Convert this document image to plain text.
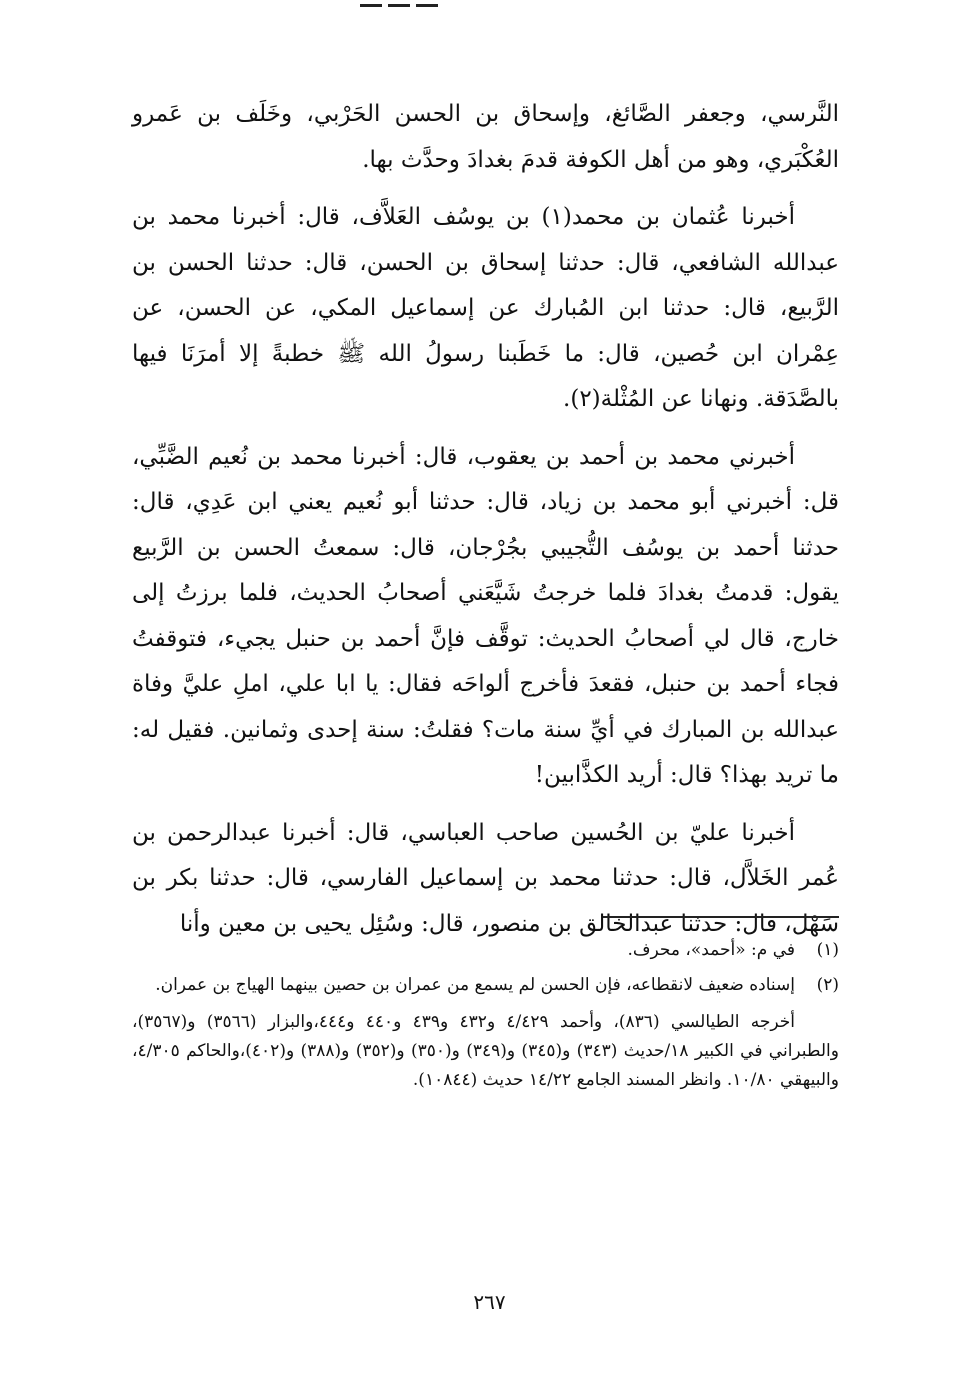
النَّرسي، وجعفر الصَّائغ، وإسحاق بن الحسن الحَرْبي، وخَلَف بن عَمرو العُكْبَري، وهو من أهل الكوفة قدمَ بغدادَ وحدَّث بها.

أخبرنا عُثمان بن محمد(١) بن يوسُف العَلاَّف، قال: أخبرنا محمد بن عبدالله الشافعي، قال: حدثنا إسحاق بن الحسن، قال: حدثنا الحسن بن الرَّبيع، قال: حدثنا ابن المُبارك عن إسماعيل المكي، عن الحسن، عن عِمْران ابن حُصين، قال: ما خَطَبنا رسولُ الله ﷺ خطبةً إلا أمرَنَا فيها بالصَّدَقة. ونهانا عن المُثْلة(٢).

أخبرني محمد بن أحمد بن يعقوب، قال: أخبرنا محمد بن نُعيم الضَّبِّي، قل: أخبرني أبو محمد بن زياد، قال: حدثنا أبو نُعيم يعني ابن عَدِي، قال: حدثنا أحمد بن يوسُف التُّجيبي بجُرْجان، قال: سمعتُ الحسن بن الرَّبيع يقول: قدمتُ بغدادَ فلما خرجتُ شَيَّعَني أصحابُ الحديث، فلما برزتُ إلى خارج، قال لي أصحابُ الحديث: توقَّف فإنَّ أحمد بن حنبل يجيء، فتوقفتُ فجاء أحمد بن حنبل، فقعدَ فأخرج ألواحَه فقال: يا ابا علي، املِ عليَّ وفاة عبدالله بن المبارك في أيِّ سنة مات؟ فقلتُ: سنة إحدى وثمانين. فقيل له: ما تريد بهذا؟ قال: أريد الكذَّابين!

أخبرنا عليّ بن الحُسين صاحب العباسي، قال: أخبرنا عبدالرحمن بن عُمر الخَلاَّل، قال: حدثنا محمد بن إسماعيل الفارسي، قال: حدثنا بكر بن سَهْل، قال: حدثنا عبدالخالق بن منصور، قال: وسُئِل يحيى بن معين وأنا

(١)
في م: «أحمد»، محرف.
(٢)
إسناده ضعيف لانقطاعه، فإن الحسن لم يسمع من عمران بن حصين بينهما الهياج بن عمران.

أخرجه الطيالسي (٨٣٦)، وأحمد ٤/٤٢٩ و٤٣٢ و٤٣٩ و٤٤٠ و٤٤٤،والبزار (٣٥٦٦) و(٣٥٦٧)، والطبراني في الكبير ١٨/حديث (٣٤٣) و(٣٤٥) و(٣٤٩) و(٣٥٠) و(٣٥٢) و(٣٨٨) و(٤٠٢)،والحاكم ٤/٣٠٥، والبيهقي ١٠/٨٠. وانظر المسند الجامع ١٤/٢٢ حديث (١٠٨٤٤).

٢٦٧
